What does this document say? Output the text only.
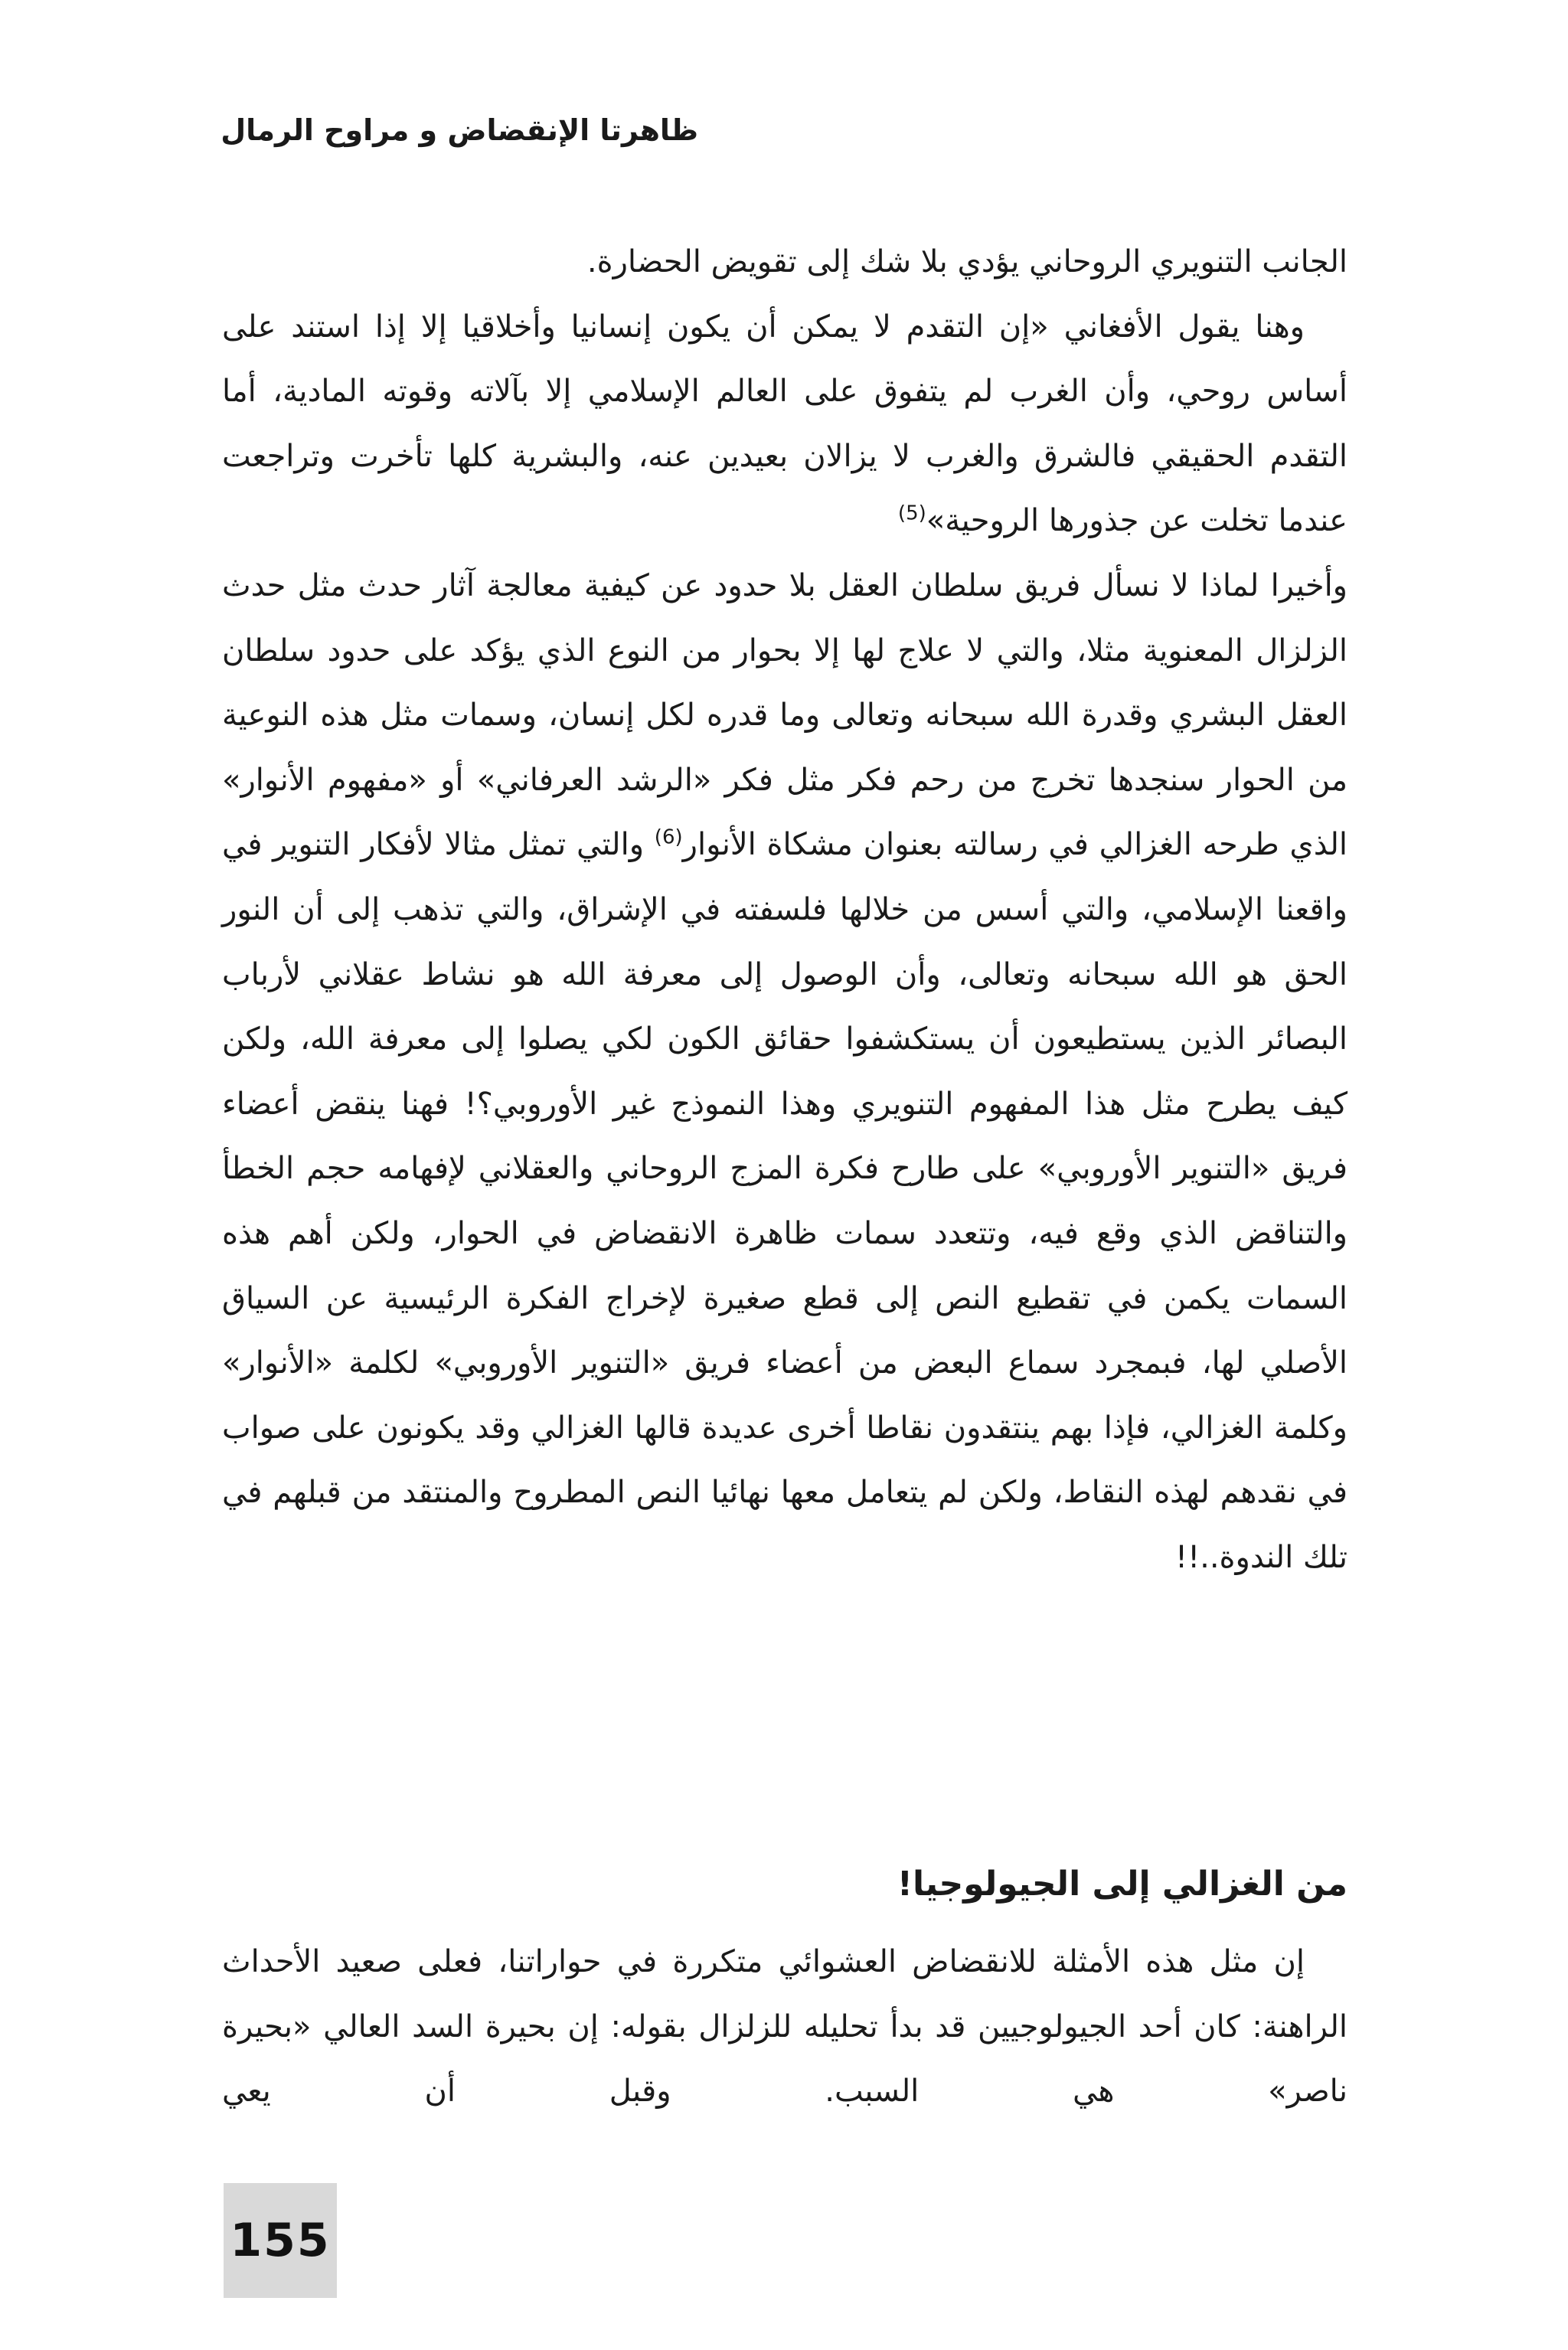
ظاهرتا الإنقضاض و مراوح الرمال

الجانب التنويري الروحاني يؤدي بلا شك إلى تقويض الحضارة.

وهنا يقول الأفغاني «إن التقدم لا يمكن أن يكون إنسانيا وأخلاقيا إلا إذا استند على أساس روحي، وأن الغرب لم يتفوق على العالم الإسلامي إلا بآلاته وقوته المادية، أما التقدم الحقيقي فالشرق والغرب لا يزالان بعيدين عنه، والبشرية كلها تأخرت وتراجعت عندما تخلت عن جذورها الروحية»$^{(5)}$

وأخيرا لماذا لا نسأل فريق سلطان العقل بلا حدود عن كيفية معالجة آثار حدث مثل حدث الزلزال المعنوية مثلا، والتي لا علاج لها إلا بحوار من النوع الذي يؤكد على حدود سلطان العقل البشري وقدرة الله سبحانه وتعالى وما قدره لكل إنسان، وسمات مثل هذه النوعية من الحوار سنجدها تخرج من رحم فكر مثل فكر «الرشد العرفاني» أو «مفهوم الأنوار» الذي طرحه الغزالي في رسالته بعنوان مشكاة الأنوار$^{(6)}$ والتي تمثل مثالا لأفكار التنوير في واقعنا الإسلامي، والتي أسس من خلالها فلسفته في الإشراق، والتي تذهب إلى أن النور الحق هو الله سبحانه وتعالى، وأن الوصول إلى معرفة الله هو نشاط عقلاني لأرباب البصائر الذين يستطيعون أن يستكشفوا حقائق الكون لكي يصلوا إلى معرفة الله، ولكن كيف يطرح مثل هذا المفهوم التنويري وهذا النموذج غير الأوروبي؟! فهنا ينقض أعضاء فريق «التنوير الأوروبي» على طارح فكرة المزج الروحاني والعقلاني لإفهامه حجم الخطأ والتناقض الذي وقع فيه، وتتعدد سمات ظاهرة الانقضاض في الحوار، ولكن أهم هذه السمات يكمن في تقطيع النص إلى قطع صغيرة لإخراج الفكرة الرئيسية عن السياق الأصلي لها، فبمجرد سماع البعض من أعضاء فريق «التنوير الأوروبي» لكلمة «الأنوار» وكلمة الغزالي، فإذا بهم ينتقدون نقاطا أخرى عديدة قالها الغزالي وقد يكونون على صواب في نقدهم لهذه النقاط، ولكن لم يتعامل معها نهائيا النص المطروح والمنتقد من قبلهم في تلك الندوة..!!

من الغزالي إلى الجيولوجيا!

إن مثل هذه الأمثلة للانقضاض العشوائي متكررة في حواراتنا، فعلى صعيد الأحداث الراهنة: كان أحد الجيولوجيين قد بدأ تحليله للزلزال بقوله: إن بحيرة السد العالي «بحيرة ناصر» هي السبب. وقبل أن يعي

155
